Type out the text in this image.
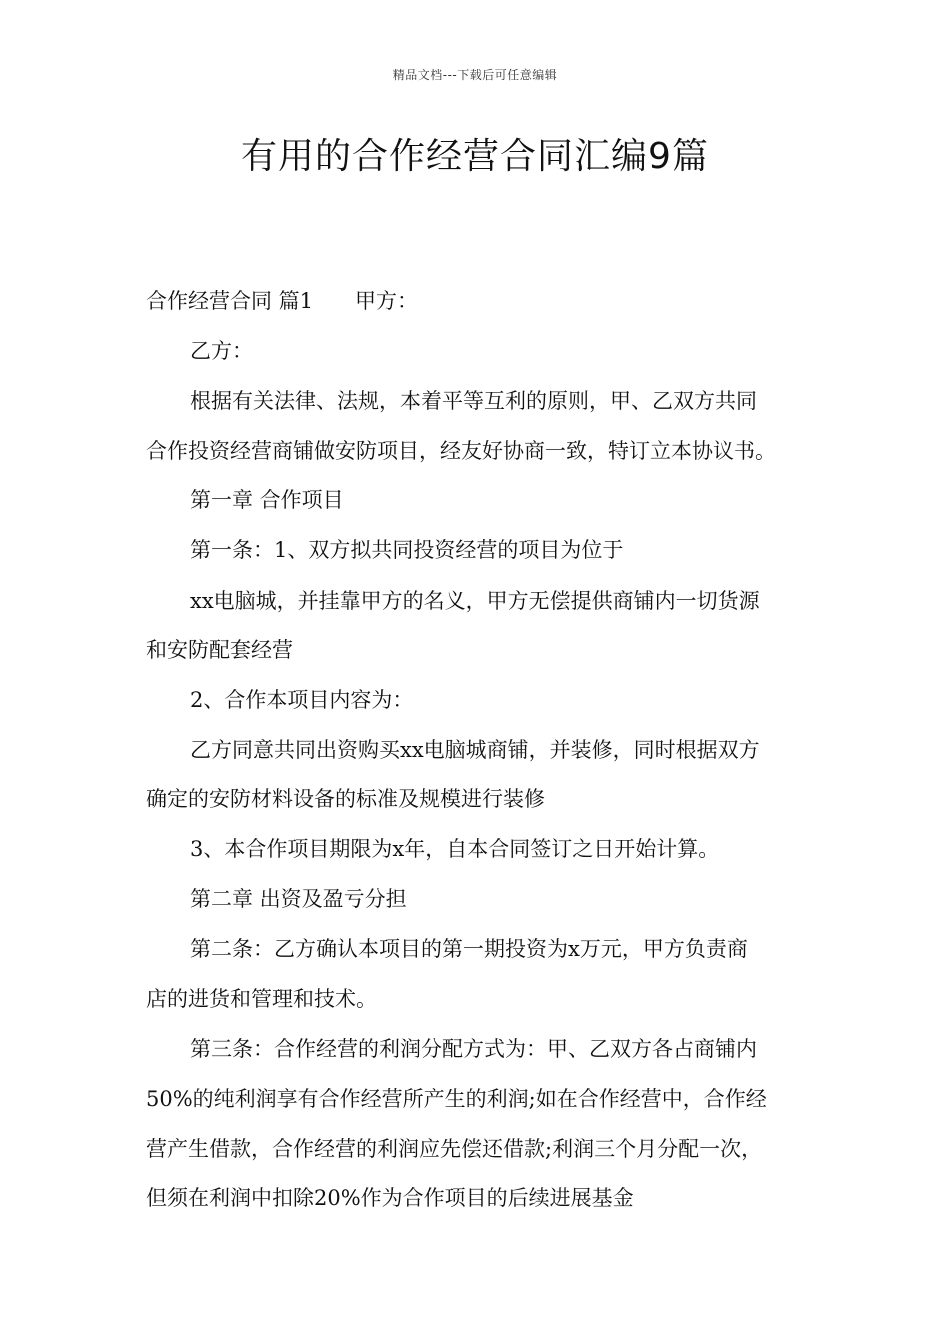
精品文档---下载后可任意编辑
有用的合作经营合同汇编9篇
合作经营合同 篇1 甲方：
乙方：
根据有关法律、法规，本着平等互利的原则，甲、乙双方共同
合作投资经营商铺做安防项目，经友好协商一致，特订立本协议书。
第一章 合作项目
第一条：1、双方拟共同投资经营的项目为位于
xx电脑城，并挂靠甲方的名义，甲方无偿提供商铺内一切货源
和安防配套经营
2、合作本项目内容为：
乙方同意共同出资购买xx电脑城商铺，并装修，同时根据双方
确定的安防材料设备的标准及规模进行装修
3、本合作项目期限为x年，自本合同签订之日开始计算。
第二章 出资及盈亏分担
第二条：乙方确认本项目的第一期投资为x万元，甲方负责商
店的进货和管理和技术。
第三条：合作经营的利润分配方式为：甲、乙双方各占商铺内
50%的纯利润享有合作经营所产生的利润;如在合作经营中，合作经
营产生借款，合作经营的利润应先偿还借款;利润三个月分配一次，
但须在利润中扣除20%作为合作项目的后续进展基金
